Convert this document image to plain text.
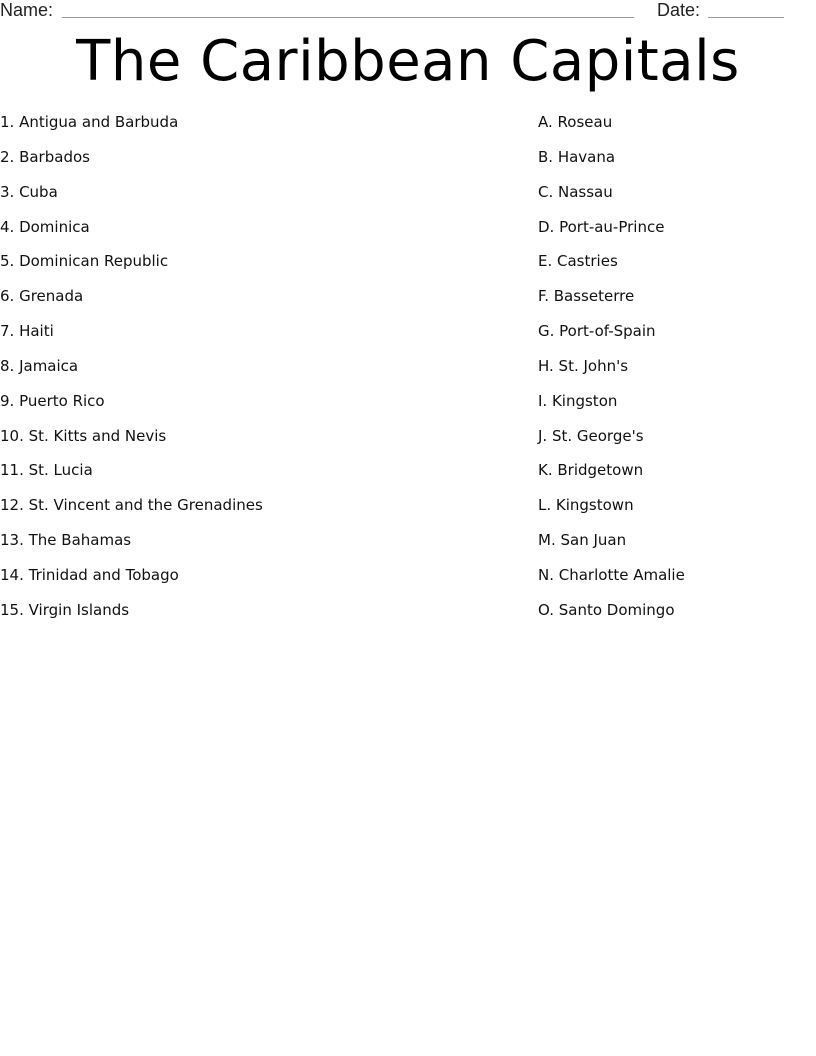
Name:	Date:
The Caribbean Capitals
1. Antigua and Barbuda
2. Barbados
3. Cuba
4. Dominica
5. Dominican Republic
6. Grenada
7. Haiti
8. Jamaica
9. Puerto Rico
10. St. Kitts and Nevis
11. St. Lucia
12. St. Vincent and the Grenadines
13. The Bahamas
14. Trinidad and Tobago
15. Virgin Islands
A. Roseau
B. Havana
C. Nassau
D. Port-au-Prince
E. Castries
F. Basseterre
G. Port-of-Spain
H. St. John's
I. Kingston
J. St. George's
K. Bridgetown
L. Kingstown
M. San Juan
N. Charlotte Amalie
O. Santo Domingo
